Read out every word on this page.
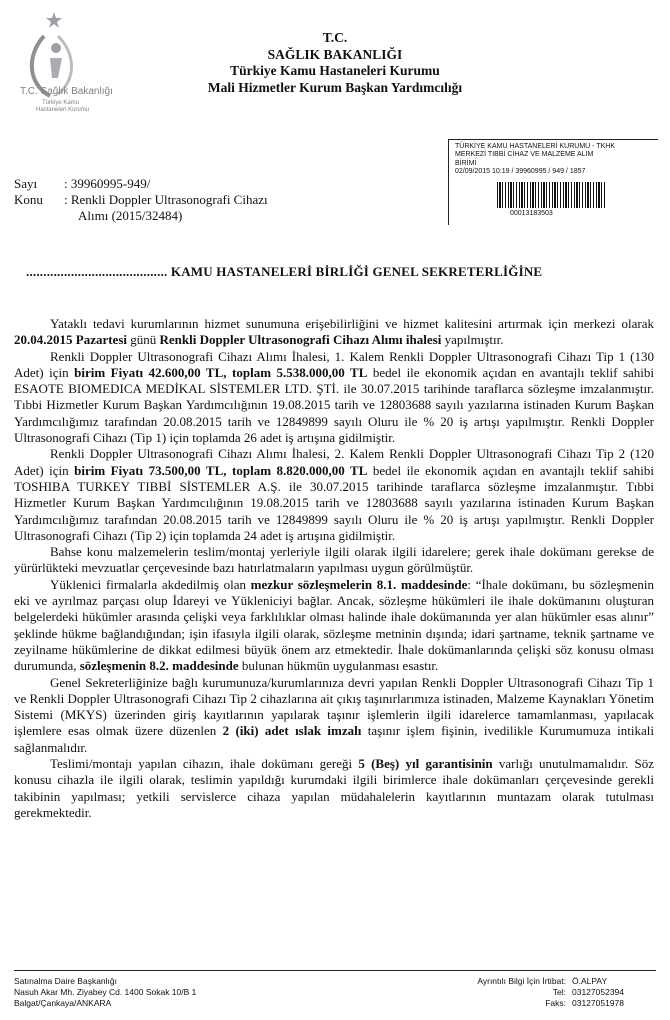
T.C. Sağlık Bakanlığı
Türkiye Kamu
Hastaneleri Kurumu
T.C.
SAĞLIK BAKANLIĞI
Türkiye Kamu Hastaneleri Kurumu
Mali Hizmetler Kurum Başkan Yardımcılığı
TÜRKİYE KAMU HASTANELERİ KURUMU - TKHK
MERKEZİ TIBBİ CİHAZ VE MALZEME ALIM
BİRİMİ
02/09/2015 10:19 / 39960995 / 949 / 1857
00013183503
Sayı : 39960995-949/
Konu : Renkli Doppler Ultrasonografi Cihazı
Alımı (2015/32484)
......................................... KAMU HASTANELERİ BİRLİĞİ GENEL SEKRETERLİĞİNE

Yataklı tedavi kurumlarının hizmet sunumuna erişebilirliğini ve hizmet kalitesini artırmak için merkezi olarak 20.04.2015 Pazartesi günü Renkli Doppler Ultrasonografi Cihazı Alımı ihalesi yapılmıştır.

Renkli Doppler Ultrasonografi Cihazı Alımı İhalesi, 1. Kalem Renkli Doppler Ultrasonografi Cihazı Tip 1 (130 Adet) için birim Fiyatı 42.600,00 TL, toplam 5.538.000,00 TL bedel ile ekonomik açıdan en avantajlı teklif sahibi ESAOTE BIOMEDICA MEDİKAL SİSTEMLER LTD. ŞTİ. ile 30.07.2015 tarihinde taraflarca sözleşme imzalanmıştır. Tıbbi Hizmetler Kurum Başkan Yardımcılığının 19.08.2015 tarih ve 12803688 sayılı yazılarına istinaden Kurum Başkan Yardımcılığımız tarafından 20.08.2015 tarih ve 12849899 sayılı Oluru ile % 20 iş artışı yapılmıştır. Renkli Doppler Ultrasonografi Cihazı (Tip 1) için toplamda 26 adet iş artışına gidilmiştir.

Renkli Doppler Ultrasonografi Cihazı Alımı İhalesi, 2. Kalem Renkli Doppler Ultrasonografi Cihazı Tip 2 (120 Adet) için birim Fiyatı 73.500,00 TL, toplam 8.820.000,00 TL bedel ile ekonomik açıdan en avantajlı teklif sahibi TOSHIBA TURKEY TIBBİ SİSTEMLER A.Ş. ile 30.07.2015 tarihinde taraflarca sözleşme imzalanmıştır. Tıbbi Hizmetler Kurum Başkan Yardımcılığının 19.08.2015 tarih ve 12803688 sayılı yazılarına istinaden Kurum Başkan Yardımcılığımız tarafından 20.08.2015 tarih ve 12849899 sayılı Oluru ile % 20 iş artışı yapılmıştır. Renkli Doppler Ultrasonografi Cihazı (Tip 2) için toplamda 24 adet iş artışına gidilmiştir.

Bahse konu malzemelerin teslim/montaj yerleriyle ilgili olarak ilgili idarelere; gerek ihale dokümanı gerekse de yürürlükteki mevzuatlar çerçevesinde bazı hatırlatmaların yapılması uygun görülmüştür.

Yüklenici firmalarla akdedilmiş olan mezkur sözleşmelerin 8.1. maddesinde: “İhale dokümanı, bu sözleşmenin eki ve ayrılmaz parçası olup İdareyi ve Yükleniciyi bağlar. Ancak, sözleşme hükümleri ile ihale dokümanını oluşturan belgelerdeki hükümler arasında çelişki veya farklılıklar olması halinde ihale dokümanında yer alan hükümler esas alınır” şeklinde hükme bağlandığından; işin ifasıyla ilgili olarak, sözleşme metninin dışında; idari şartname, teknik şartname ve zeyilname hükümlerine de dikkat edilmesi büyük önem arz etmektedir. İhale dokümanlarında çelişki söz konusu olması durumunda, sözleşmenin 8.2. maddesinde bulunan hükmün uygulanması esastır.

Genel Sekreterliğinize bağlı kurumunuza/kurumlarınıza devri yapılan Renkli Doppler Ultrasonografi Cihazı Tip 1 ve Renkli Doppler Ultrasonografi Cihazı Tip 2 cihazlarına ait çıkış taşınırlarımıza istinaden, Malzeme Kaynakları Yönetim Sistemi (MKYS) üzerinden giriş kayıtlarının yapılarak taşınır işlemlerin ilgili idarelerce tamamlanması, yapılacak işlemlere esas olmak üzere düzenlen 2 (iki) adet ıslak imzalı taşınır işlem fişinin, ivedilikle Kurumumuza intikali sağlanmalıdır.

Teslimi/montajı yapılan cihazın, ihale dokümanı gereği 5 (Beş) yıl garantisinin varlığı unutulmamalıdır. Söz konusu cihazla ile ilgili olarak, teslimin yapıldığı kurumdaki ilgili birimlerce ihale dokümanları çerçevesinde gerekli takibinin yapılması; yetkili servislerce cihaza yapılan müdahalelerin kayıtlarının muntazam olarak tutulması gerekmektedir.

Satınalma Daire Başkanlığı
Nasuh Akar Mh. Ziyabey Cd. 1400 Sokak 10/B 1
Balgat/Çankaya/ANKARA
Ayrıntılı Bilgi İçin İrtibat: Ö.ALPAY
Tel: 03127052394
Faks: 03127051978
